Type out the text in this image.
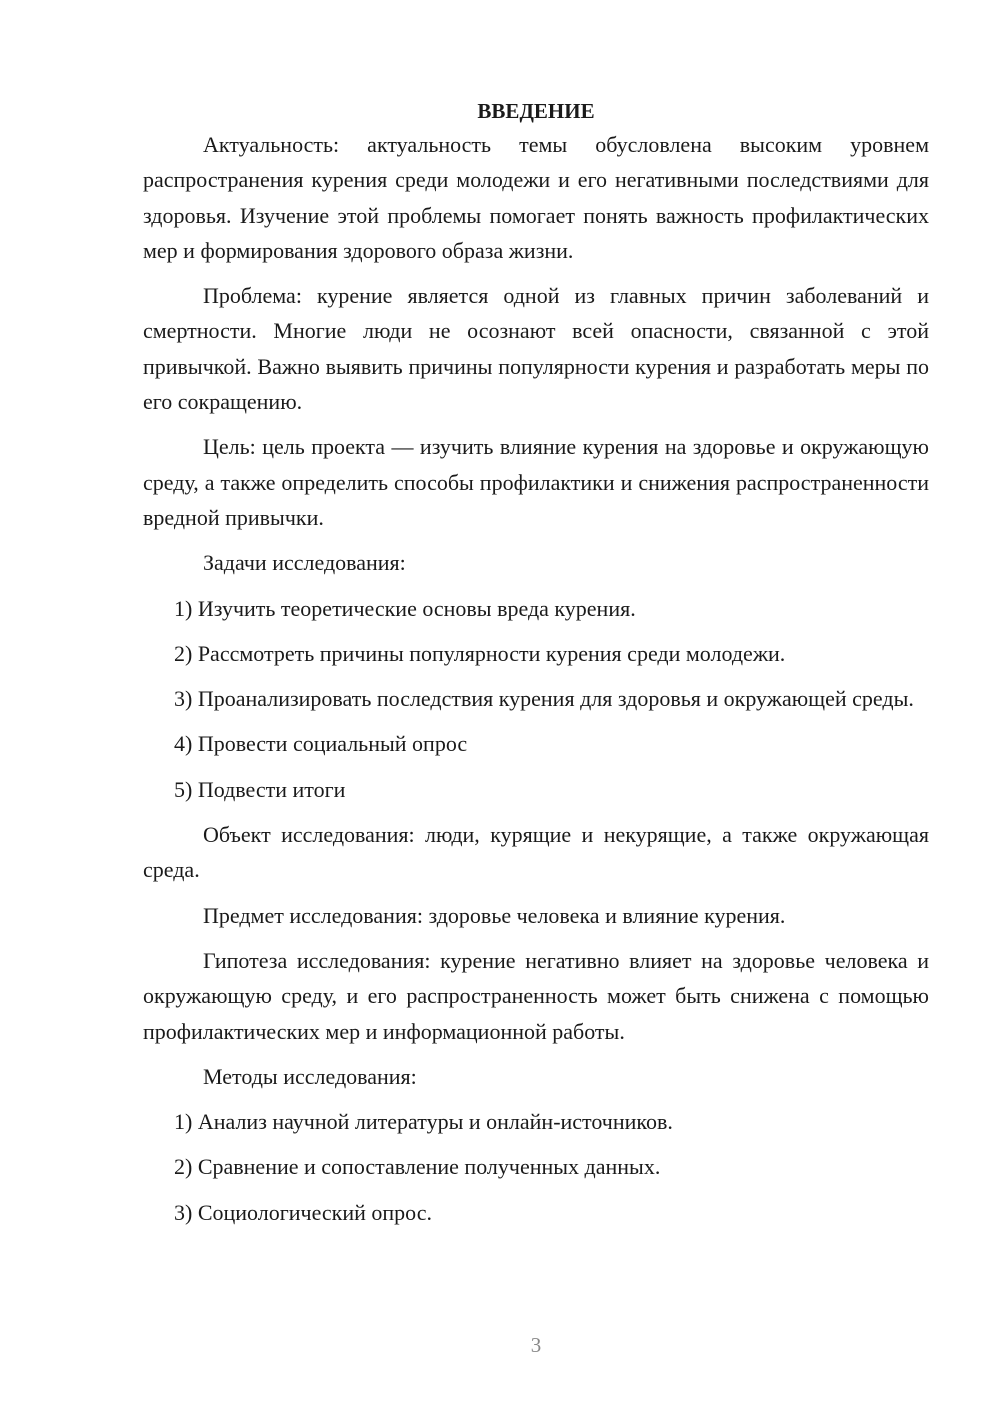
ВВЕДЕНИЕ

Актуальность: актуальность темы обусловлена высоким уровнем распространения курения среди молодежи и его негативными последствиями для здоровья. Изучение этой проблемы помогает понять важность профилактических мер и формирования здорового образа жизни.

Проблема: курение является одной из главных причин заболеваний и смертности. Многие люди не осознают всей опасности, связанной с этой привычкой. Важно выявить причины популярности курения и разработать меры по его сокращению.

Цель: цель проекта — изучить влияние курения на здоровье и окружающую среду, а также определить способы профилактики и снижения распространенности вредной привычки.

Задачи исследования:

1) Изучить теоретические основы вреда курения.

2) Рассмотреть причины популярности курения среди молодежи.

3) Проанализировать последствия курения для здоровья и окружающей среды.

4) Провести социальный опрос

5) Подвести итоги

Объект исследования: люди, курящие и некурящие, а также окружающая среда.

Предмет исследования: здоровье человека и влияние курения.

Гипотеза исследования: курение негативно влияет на здоровье человека и окружающую среду, и его распространенность может быть снижена с помощью профилактических мер и информационной работы.

Методы исследования:

1) Анализ научной литературы и онлайн-источников.

2) Сравнение и сопоставление полученных данных.

3) Социологический опрос.

3
